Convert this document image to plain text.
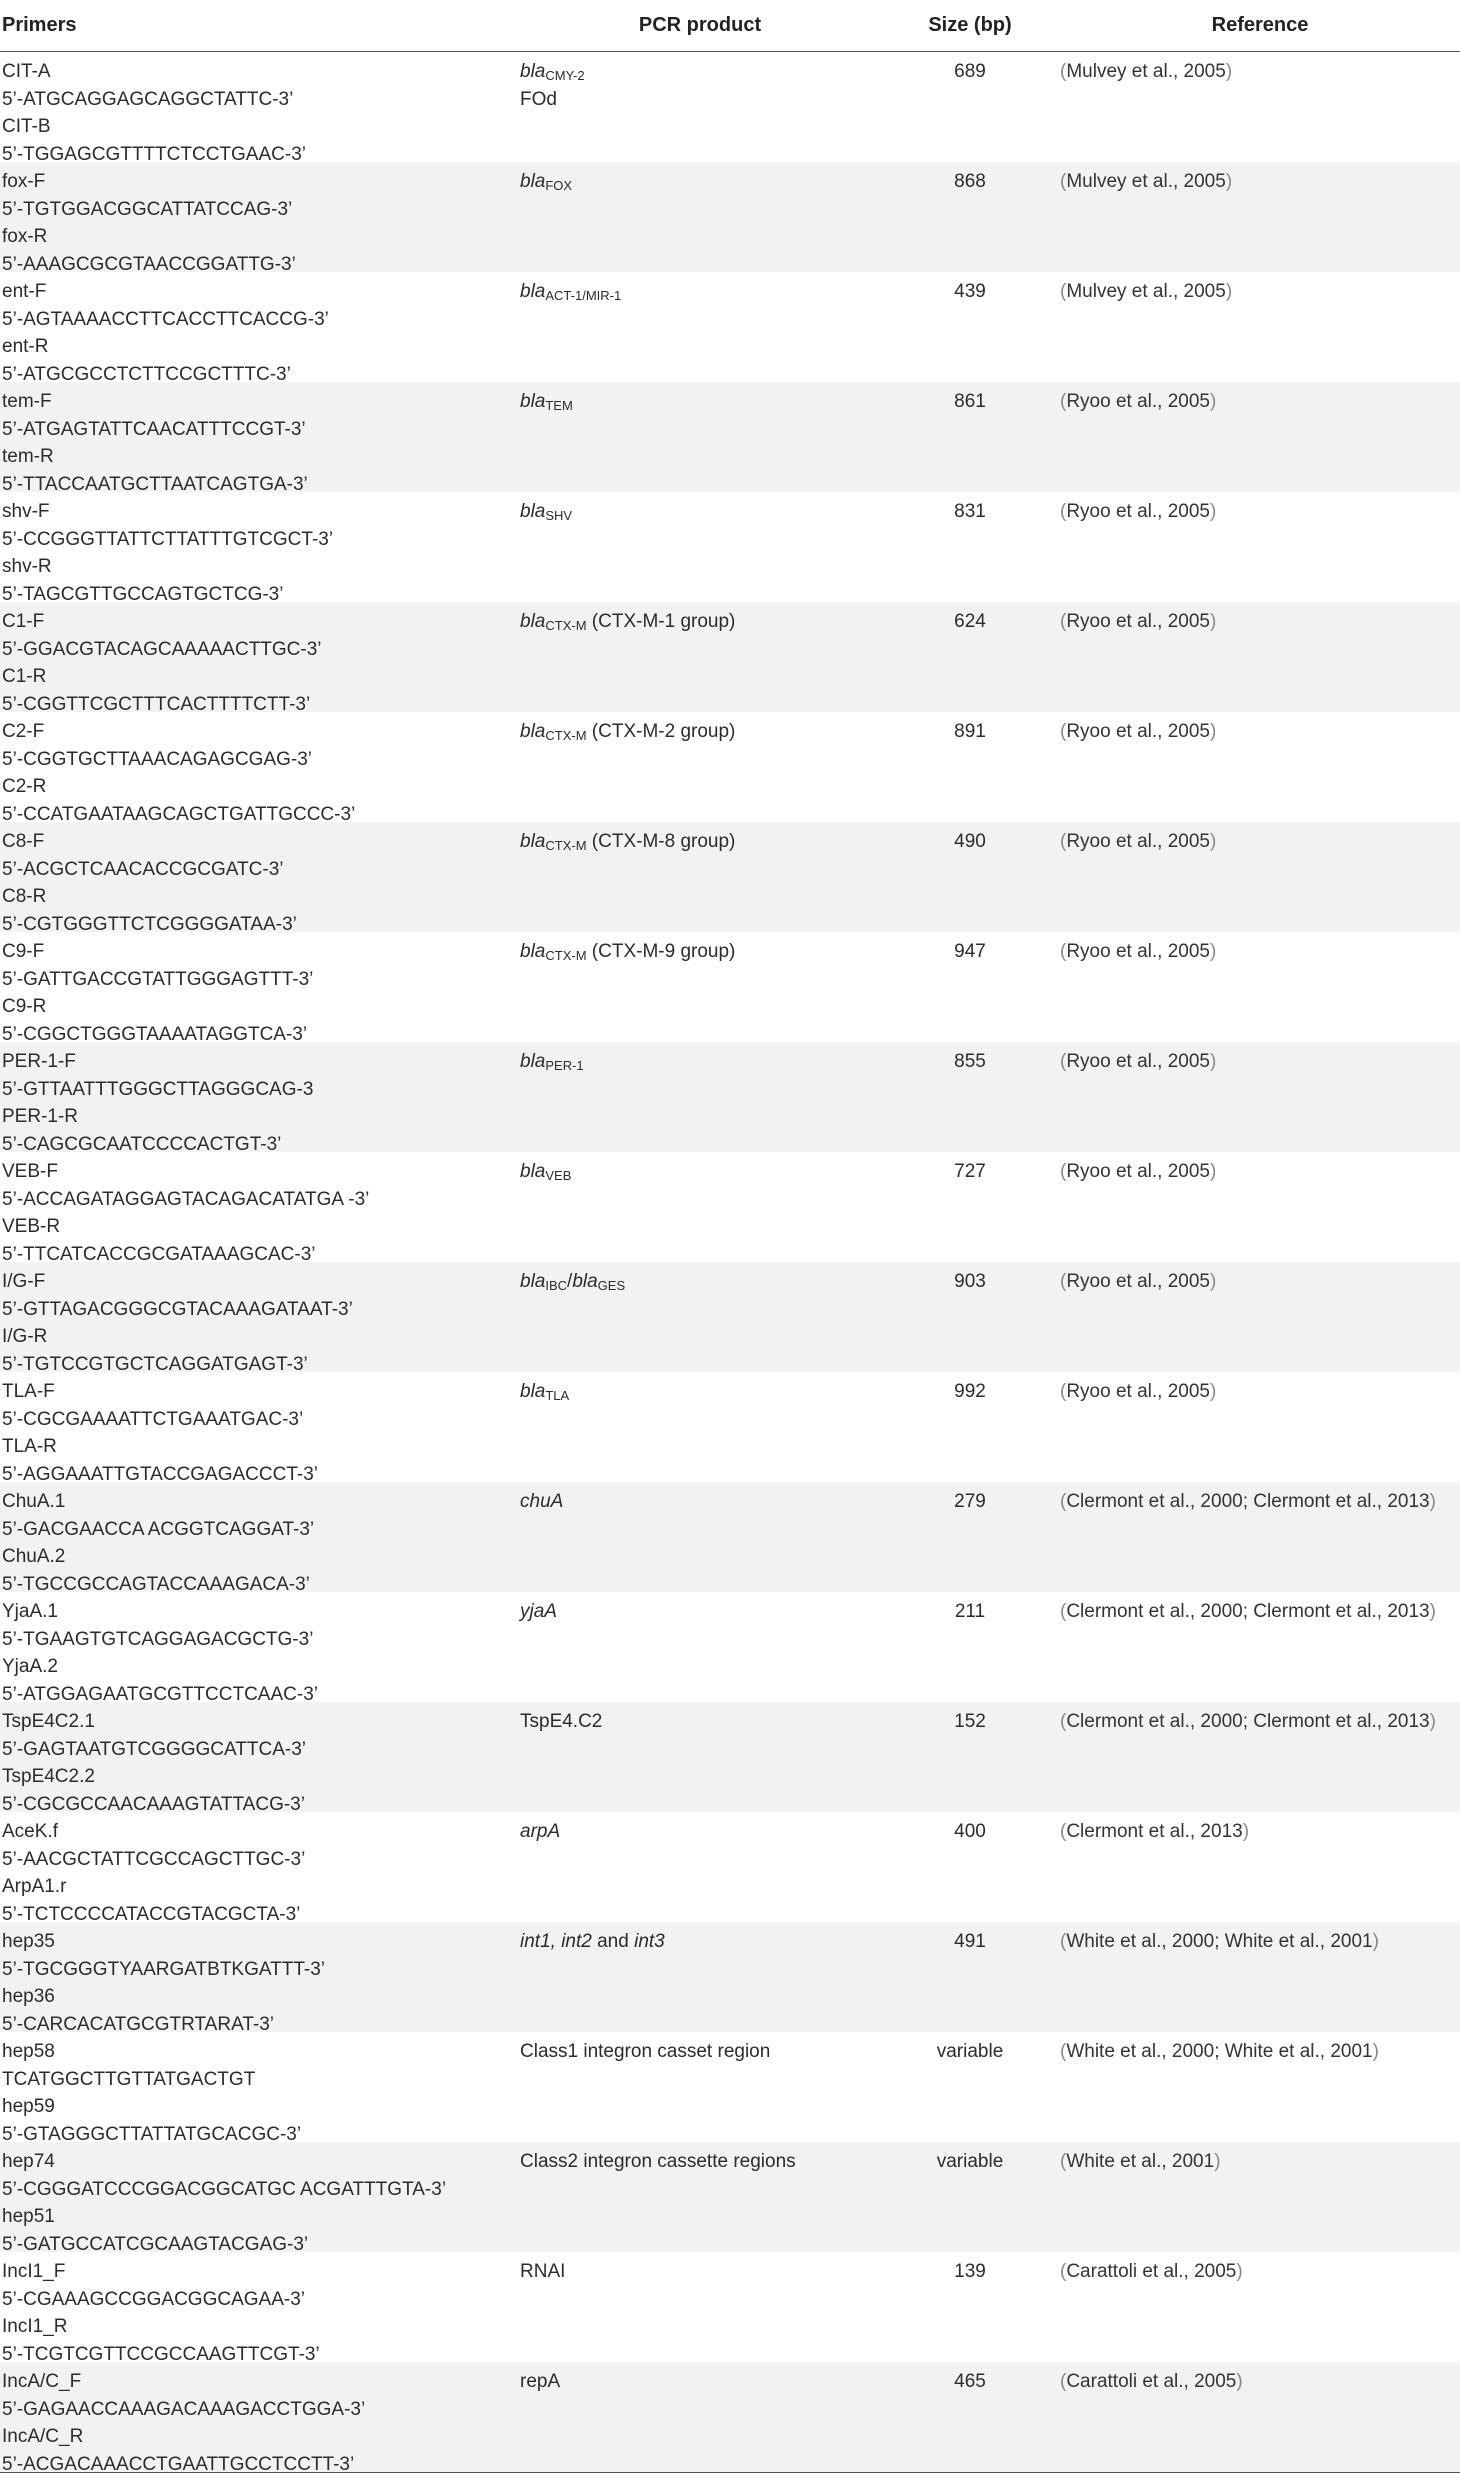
Primers	PCR product	Size (bp)	Reference
CIT-A
5’-ATGCAGGAGCAGGCTATTC-3’
CIT-B
5’-TGGAGCGTTTTCTCCTGAAC-3’
bla$_{CMY-2}$
FOd
689	(Mulvey et al., 2005)
fox-F
5’-TGTGGACGGCATTATCCAG-3’
fox-R
5’-AAAGCGCGTAACCGGATTG-3’
bla$_{FOX}$	868	(Mulvey et al., 2005)
ent-F
5’-AGTAAAACCTTCACCTTCACCG-3’
ent-R
5’-ATGCGCCTCTTCCGCTTTC-3’
bla$_{ACT-1/MIR-1}$	439	(Mulvey et al., 2005)
tem-F
5’-ATGAGTATTCAACATTTCCGT-3’
tem-R
5’-TTACCAATGCTTAATCAGTGA-3’
bla$_{TEM}$	861	(Ryoo et al., 2005)
shv-F
5’-CCGGGTTATTCTTATTTGTCGCT-3’
shv-R
5’-TAGCGTTGCCAGTGCTCG-3’
bla$_{SHV}$	831	(Ryoo et al., 2005)
C1-F
5’-GGACGTACAGCAAAAACTTGC-3’
C1-R
5’-CGGTTCGCTTTCACTTTTCTT-3’
bla$_{CTX-M}$ (CTX-M-1 group)	624	(Ryoo et al., 2005)
C2-F
5’-CGGTGCTTAAACAGAGCGAG-3’
C2-R
5’-CCATGAATAAGCAGCTGATTGCCC-3’
bla$_{CTX-M}$ (CTX-M-2 group)	891	(Ryoo et al., 2005)
C8-F
5’-ACGCTCAACACCGCGATC-3’
C8-R
5’-CGTGGGTTCTCGGGGATAA-3’
bla$_{CTX-M}$ (CTX-M-8 group)	490	(Ryoo et al., 2005)
C9-F
5’-GATTGACCGTATTGGGAGTTT-3’
C9-R
5’-CGGCTGGGTAAAATAGGTCA-3’
bla$_{CTX-M}$ (CTX-M-9 group)	947	(Ryoo et al., 2005)
PER-1-F
5’-GTTAATTTGGGCTTAGGGCAG-3
PER-1-R
5’-CAGCGCAATCCCCACTGT-3’
bla$_{PER-1}$	855	(Ryoo et al., 2005)
VEB-F
5’-ACCAGATAGGAGTACAGACATATGA -3’
VEB-R
5’-TTCATCACCGCGATAAAGCAC-3’
bla$_{VEB}$	727	(Ryoo et al., 2005)
I/G-F
5’-GTTAGACGGGCGTACAAAGATAAT-3’
I/G-R
5’-TGTCCGTGCTCAGGATGAGT-3’
bla$_{IBC}$/bla$_{GES}$	903	(Ryoo et al., 2005)
TLA-F
5’-CGCGAAAATTCTGAAATGAC-3’
TLA-R
5’-AGGAAATTGTACCGAGACCCT-3’
bla$_{TLA}$	992	(Ryoo et al., 2005)
ChuA.1
5’-GACGAACCA ACGGTCAGGAT-3’
ChuA.2
5’-TGCCGCCAGTACCAAAGACA-3’
chuA	279	(Clermont et al., 2000; Clermont et al., 2013)
YjaA.1
5’-TGAAGTGTCAGGAGACGCTG-3’
YjaA.2
5’-ATGGAGAATGCGTTCCTCAAC-3’
yjaA	211	(Clermont et al., 2000; Clermont et al., 2013)
TspE4C2.1
5’-GAGTAATGTCGGGGCATTCA-3’
TspE4C2.2
5’-CGCGCCAACAAAGTATTACG-3’
TspE4.C2	152	(Clermont et al., 2000; Clermont et al., 2013)
AceK.f
5’-AACGCTATTCGCCAGCTTGC-3’
ArpA1.r
5’-TCTCCCCATACCGTACGCTA-3’
arpA	400	(Clermont et al., 2013)
hep35
5’-TGCGGGTYAARGATBTKGATTT-3’
hep36
5’-CARCACATGCGTRTARAT-3’
int1, int2 and int3	491	(White et al., 2000; White et al., 2001)
hep58
TCATGGCTTGTTATGACTGT
hep59
5’-GTAGGGCTTATTATGCACGC-3’
Class1 integron casset region	variable	(White et al., 2000; White et al., 2001)
hep74
5’-CGGGATCCCGGACGGCATGC ACGATTTGTA-3’
hep51
5’-GATGCCATCGCAAGTACGAG-3’
Class2 integron cassette regions	variable	(White et al., 2001)
IncI1_F
5’-CGAAAGCCGGACGGCAGAA-3’
IncI1_R
5’-TCGTCGTTCCGCCAAGTTCGT-3’
RNAI	139	(Carattoli et al., 2005)
IncA/C_F
5’-GAGAACCAAAGACAAAGACCTGGA-3’
IncA/C_R
5’-ACGACAAACCTGAATTGCCTCCTT-3’
repA	465	(Carattoli et al., 2005)
